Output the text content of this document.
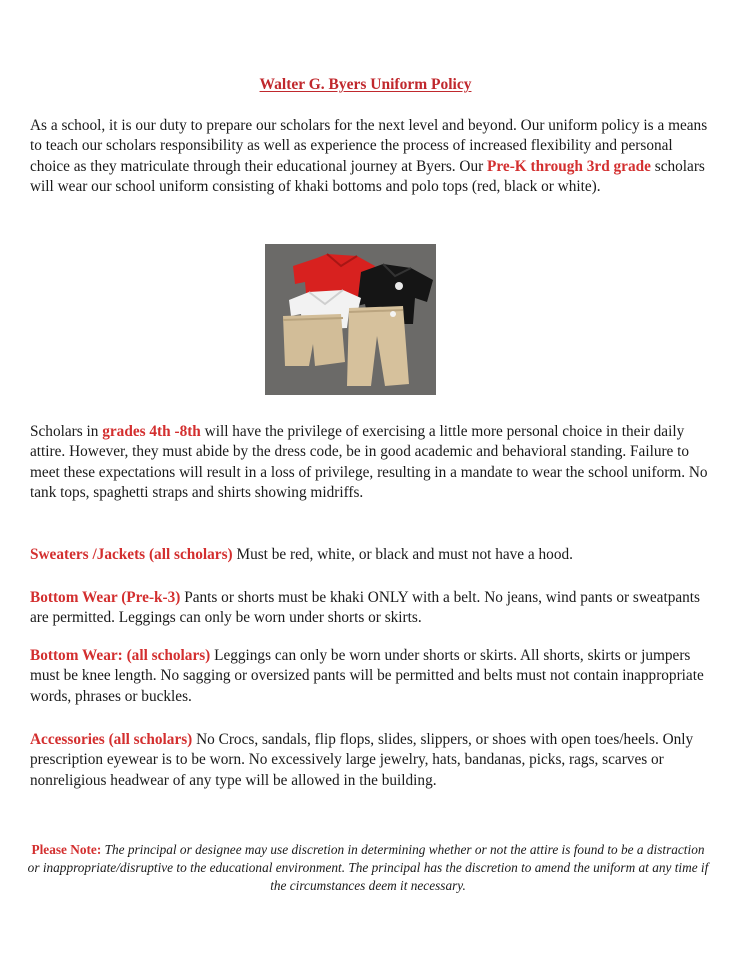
Walter G. Byers Uniform Policy

As a school, it is our duty to prepare our scholars for the next level and beyond. Our uniform policy is a means to teach our scholars responsibility as well as experience the process of increased flexibility and personal choice as they matriculate through their educational journey at Byers. Our Pre-K through 3rd grade scholars will wear our school uniform consisting of khaki bottoms and polo tops (red, black or white).

Scholars in grades 4th -8th will have the privilege of exercising a little more personal choice in their daily attire. However, they must abide by the dress code, be in good academic and behavioral standing. Failure to meet these expectations will result in a loss of privilege, resulting in a mandate to wear the school uniform. No tank tops, spaghetti straps and shirts showing midriffs.

Sweaters /Jackets (all scholars) Must be red, white, or black and must not have a hood.

Bottom Wear (Pre-k-3) Pants or shorts must be khaki ONLY with a belt. No jeans, wind pants or sweatpants are permitted. Leggings can only be worn under shorts or skirts.

Bottom Wear: (all scholars) Leggings can only be worn under shorts or skirts. All shorts, skirts or jumpers must be knee length. No sagging or oversized pants will be permitted and belts must not contain inappropriate words, phrases or buckles.

Accessories (all scholars) No Crocs, sandals, flip flops, slides, slippers, or shoes with open toes/heels. Only prescription eyewear is to be worn. No excessively large jewelry, hats, bandanas, picks, rags, scarves or nonreligious headwear of any type will be allowed in the building.

Please Note: The principal or designee may use discretion in determining whether or not the attire is found to be a distraction or inappropriate/disruptive to the educational environment. The principal has the discretion to amend the uniform at any time if the circumstances deem it necessary.
